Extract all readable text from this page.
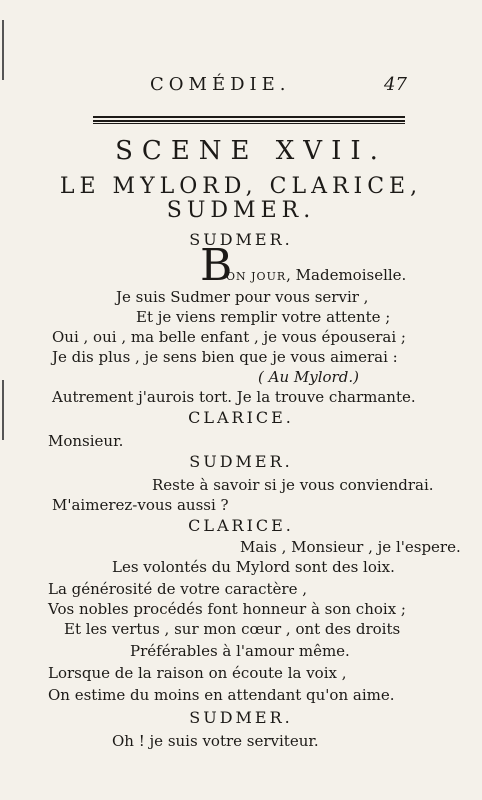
COMÉDIE.	47
SCENE XVII.
LE MYLORD, CLARICE,
SUDMER.
SUDMER.
B
ON JOUR, Mademoiselle.
Je suis Sudmer pour vous servir ,
Et je viens remplir votre attente ;
Oui , oui , ma belle enfant , je vous épouserai ;
Je dis plus , je sens bien que je vous aimerai :
( Au Mylord.)
Autrement j'aurois tort. Je la trouve charmante.
CLARICE.
Monsieur.
SUDMER.
Reste à savoir si je vous conviendrai.
M'aimerez-vous aussi ?
CLARICE.
Mais , Monsieur , je l'espere.
Les volontés du Mylord sont des loix.
La générosité de votre caractère ,
Vos nobles procédés font honneur à son choix ;
Et les vertus , sur mon cœur , ont des droits
Préférables à l'amour même.
Lorsque de la raison on écoute la voix ,
On estime du moins en attendant qu'on aime.
SUDMER.
Oh ! je suis votre serviteur.
